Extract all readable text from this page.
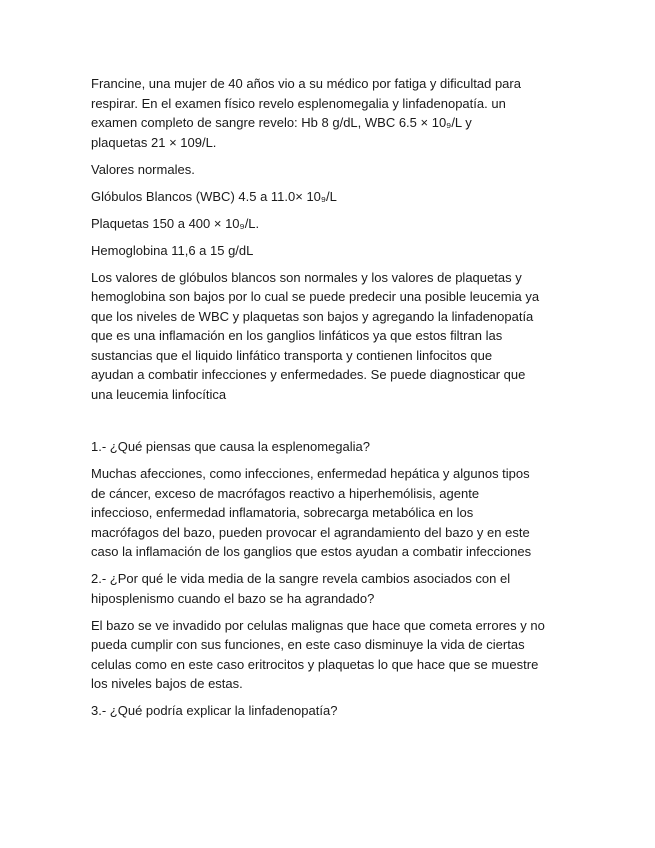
Francine, una mujer de 40 años vio a su médico por fatiga y dificultad para
respirar. En el examen físico revelo esplenomegalia y linfadenopatía. un
examen completo de sangre revelo: Hb 8 g/dL, WBC 6.5 × 10₉/L y
plaquetas 21 × 109/L.

Valores normales.

Glóbulos Blancos (WBC) 4.5 a 11.0× 10₉/L

Plaquetas 150 a 400 × 10₉/L.

Hemoglobina 11,6 a 15 g/dL

Los valores de glóbulos blancos son normales y los valores de plaquetas y
hemoglobina son bajos por lo cual se puede predecir una posible leucemia ya
que los niveles de WBC y plaquetas son bajos y agregando la linfadenopatía
que es una inflamación en los ganglios linfáticos ya que estos filtran las
sustancias que el liquido linfático transporta y contienen linfocitos que
ayudan a combatir infecciones y enfermedades. Se puede diagnosticar que
una leucemia linfocítica

1.- ¿Qué piensas que causa la esplenomegalia?

Muchas afecciones, como infecciones, enfermedad hepática y algunos tipos
de cáncer, exceso de macrófagos reactivo a hiperhemólisis, agente
infeccioso, enfermedad inflamatoria, sobrecarga metabólica en los
macrófagos del bazo, pueden provocar el agrandamiento del bazo y en este
caso la inflamación de los ganglios que estos ayudan a combatir infecciones

2.- ¿Por qué le vida media de la sangre revela cambios asociados con el
hiposplenismo cuando el bazo se ha agrandado?

El bazo se ve invadido por celulas malignas que hace que cometa errores y no
pueda cumplir con sus funciones, en este caso disminuye la vida de ciertas
celulas como en este caso eritrocitos y plaquetas lo que hace que se muestre
los niveles bajos de estas.

3.- ¿Qué podría explicar la linfadenopatía?
